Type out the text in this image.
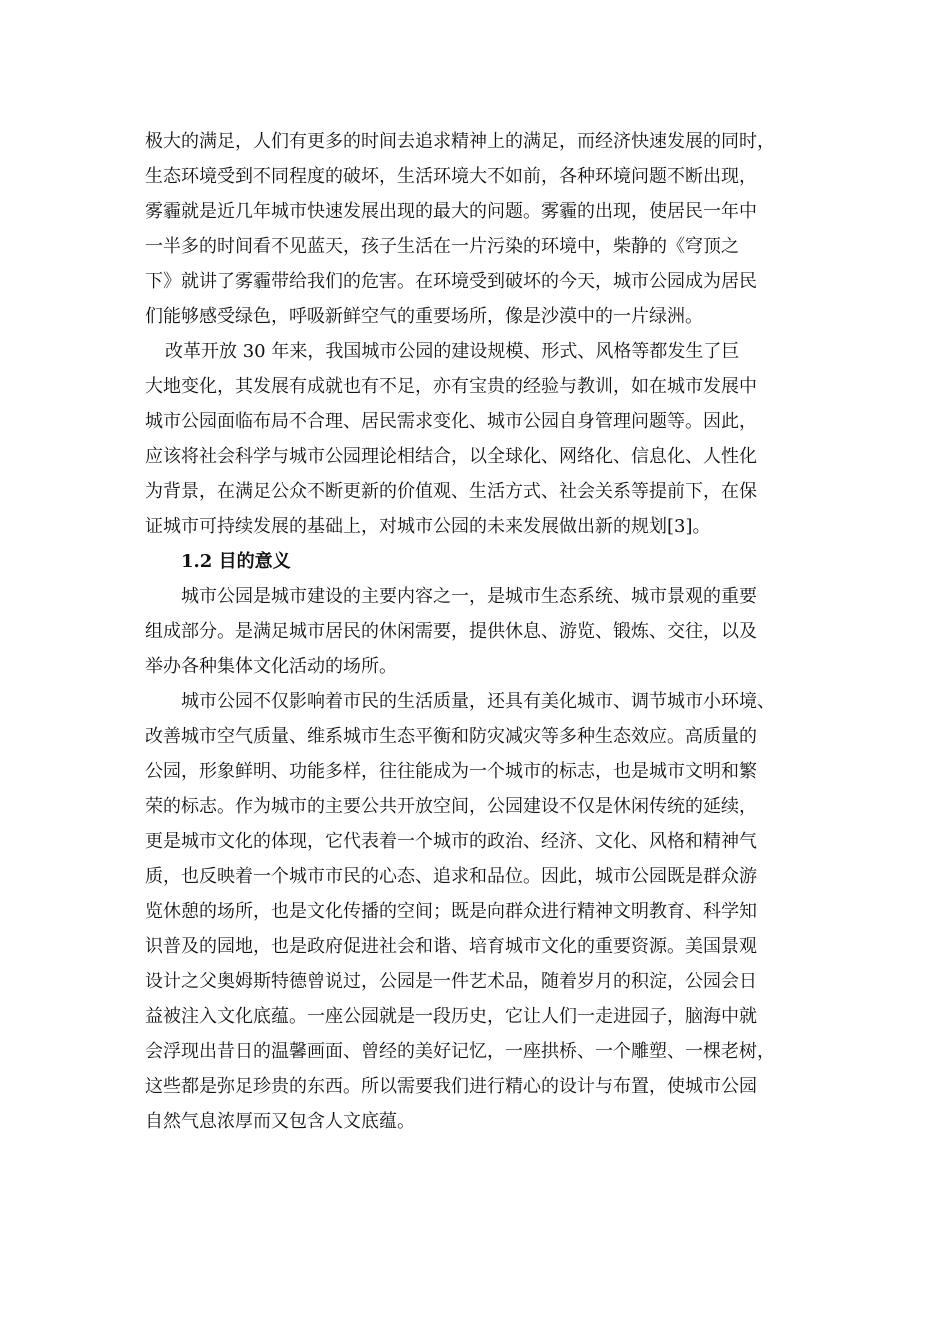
极大的满足，人们有更多的时间去追求精神上的满足，而经济快速发展的同时，
生态环境受到不同程度的破坏，生活环境大不如前，各种环境问题不断出现，
雾霾就是近几年城市快速发展出现的最大的问题。雾霾的出现，使居民一年中
一半多的时间看不见蓝天，孩子生活在一片污染的环境中，柴静的《穹顶之
下》就讲了雾霾带给我们的危害。在环境受到破坏的今天，城市公园成为居民
们能够感受绿色，呼吸新鲜空气的重要场所，像是沙漠中的一片绿洲。
改革开放 30 年来，我国城市公园的建设规模、形式、风格等都发生了巨
大地变化，其发展有成就也有不足，亦有宝贵的经验与教训，如在城市发展中
城市公园面临布局不合理、居民需求变化、城市公园自身管理问题等。因此，
应该将社会科学与城市公园理论相结合，以全球化、网络化、信息化、人性化
为背景，在满足公众不断更新的价值观、生活方式、社会关系等提前下，在保
证城市可持续发展的基础上，对城市公园的未来发展做出新的规划[3]。
1.2 目的意义
城市公园是城市建设的主要内容之一，是城市生态系统、城市景观的重要
组成部分。是满足城市居民的休闲需要，提供休息、游览、锻炼、交往，以及
举办各种集体文化活动的场所。
城市公园不仅影响着市民的生活质量，还具有美化城市、调节城市小环境、
改善城市空气质量、维系城市生态平衡和防灾减灾等多种生态效应。高质量的
公园，形象鲜明、功能多样，往往能成为一个城市的标志，也是城市文明和繁
荣的标志。作为城市的主要公共开放空间，公园建设不仅是休闲传统的延续，
更是城市文化的体现，它代表着一个城市的政治、经济、文化、风格和精神气
质，也反映着一个城市市民的心态、追求和品位。因此，城市公园既是群众游
览休憩的场所，也是文化传播的空间；既是向群众进行精神文明教育、科学知
识普及的园地，也是政府促进社会和谐、培育城市文化的重要资源。美国景观
设计之父奥姆斯特德曾说过，公园是一件艺术品，随着岁月的积淀，公园会日
益被注入文化底蕴。一座公园就是一段历史，它让人们一走进园子，脑海中就
会浮现出昔日的温馨画面、曾经的美好记忆，一座拱桥、一个雕塑、一棵老树，
这些都是弥足珍贵的东西。所以需要我们进行精心的设计与布置，使城市公园
自然气息浓厚而又包含人文底蕴。
